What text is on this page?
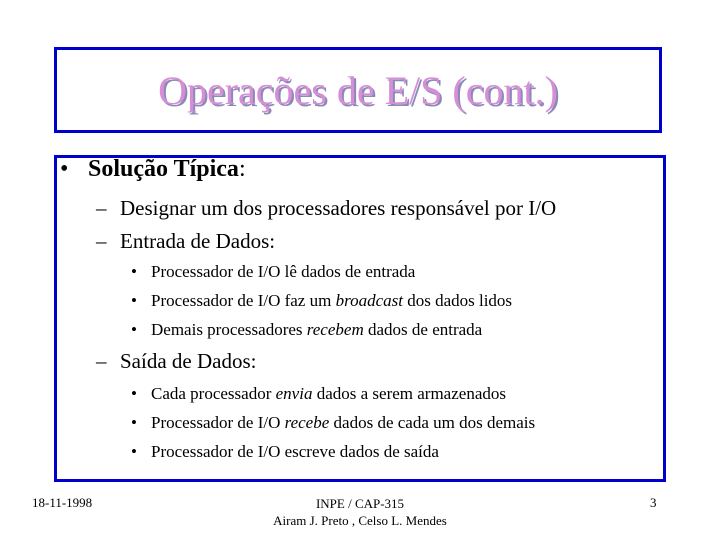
Operações de E/S (cont.)
• Solução Típica:
– Designar um dos processadores responsável por I/O
– Entrada de Dados:
• Processador de I/O lê dados de entrada
• Processador de I/O faz um broadcast dos dados lidos
• Demais processadores recebem dados de entrada
– Saída de Dados:
• Cada processador envia dados a serem armazenados
• Processador de I/O recebe dados de cada um dos demais
• Processador de I/O escreve dados de saída
18-11-1998	INPE / CAP-315
Airam J. Preto , Celso L. Mendes
3
